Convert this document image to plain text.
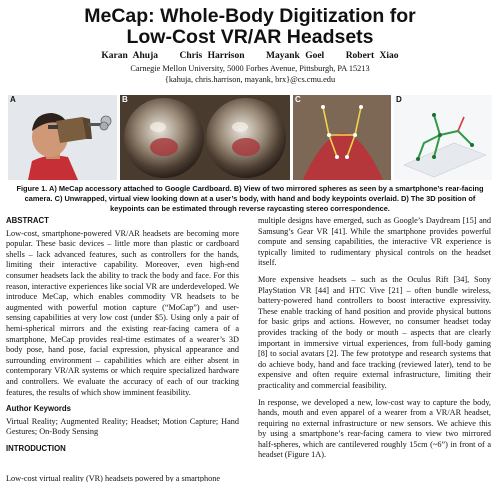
MeCap: Whole-Body Digitization for
Low-Cost VR/AR Headsets
Karan Ahuja Chris Harrison Mayank Goel Robert Xiao
Carnegie Mellon University, 5000 Forbes Avenue, Pittsburgh, PA 15213
{kahuja, chris.harrison, mayank, brx}@cs.cmu.edu
A	B	C	D
Figure 1. A) MeCap accessory attached to Google Cardboard. B) View of two mirrored spheres as seen by a smartphone’s rear-facing camera. C) Unwrapped, virtual view looking down at a user’s body, with hand and body keypoints overlaid. D) The 3D position of keypoints can be estimated through reverse raycasting stereo correspondence.
ABSTRACT

Low-cost, smartphone-powered VR/AR headsets are becoming more popular. These basic devices – little more than plastic or cardboard shells – lack advanced features, such as controllers for the hands, limiting their interactive capability. Moreover, even high-end consumer headsets lack the ability to track the body and face. For this reason, interactive experiences like social VR are underdeveloped. We introduce MeCap, which enables commodity VR headsets to be augmented with powerful motion capture (“MoCap”) and user-sensing capabilities at very low cost (under $5). Using only a pair of hemi-spherical mirrors and the existing rear-facing camera of a smartphone, MeCap provides real-time estimates of a wearer’s 3D body pose, hand pose, facial expression, physical appearance and surrounding environment – capabilities which are either absent in contemporary VR/AR systems or which require specialized hardware and controllers. We evaluate the accuracy of each of our tracking features, the results of which show imminent feasibility.

Author Keywords

Virtual Reality; Augmented Reality; Headset; Motion Capture; Hand Gestures; On-Body Sensing

INTRODUCTION
Low-cost virtual reality (VR) headsets powered by a smartphone

multiple designs have emerged, such as Google’s Daydream [15] and Samsung’s Gear VR [41]. While the smartphone provides powerful compute and sensing capabilities, the interactive VR experience is typically limited to rudimentary physical controls on the headset itself.

More expensive headsets – such as the Oculus Rift [34], Sony PlayStation VR [44] and HTC Vive [21] – often bundle wireless, battery-powered hand controllers to boost interactive expressivity. These enable tracking of hand position and provide physical buttons for basic grips and actions. However, no consumer headset today provides tracking of the body or mouth – aspects that are clearly important in immersive virtual experiences, from full-body gaming [8] to social avatars [2]. The few prototype and research systems that do achieve body, hand and face tracking (reviewed later), tend to be expensive and often require external infrastructure, limiting their practicality and commercial feasibility.

In response, we developed a new, low-cost way to capture the body, hands, mouth and even apparel of a wearer from a VR/AR headset, requiring no external infrastructure or new sensors. We achieve this by using a smartphone’s rear-facing camera to view two mirrored half-spheres, which are cantilevered roughly 15cm (~6”) in front of a headset (Figure 1A).
